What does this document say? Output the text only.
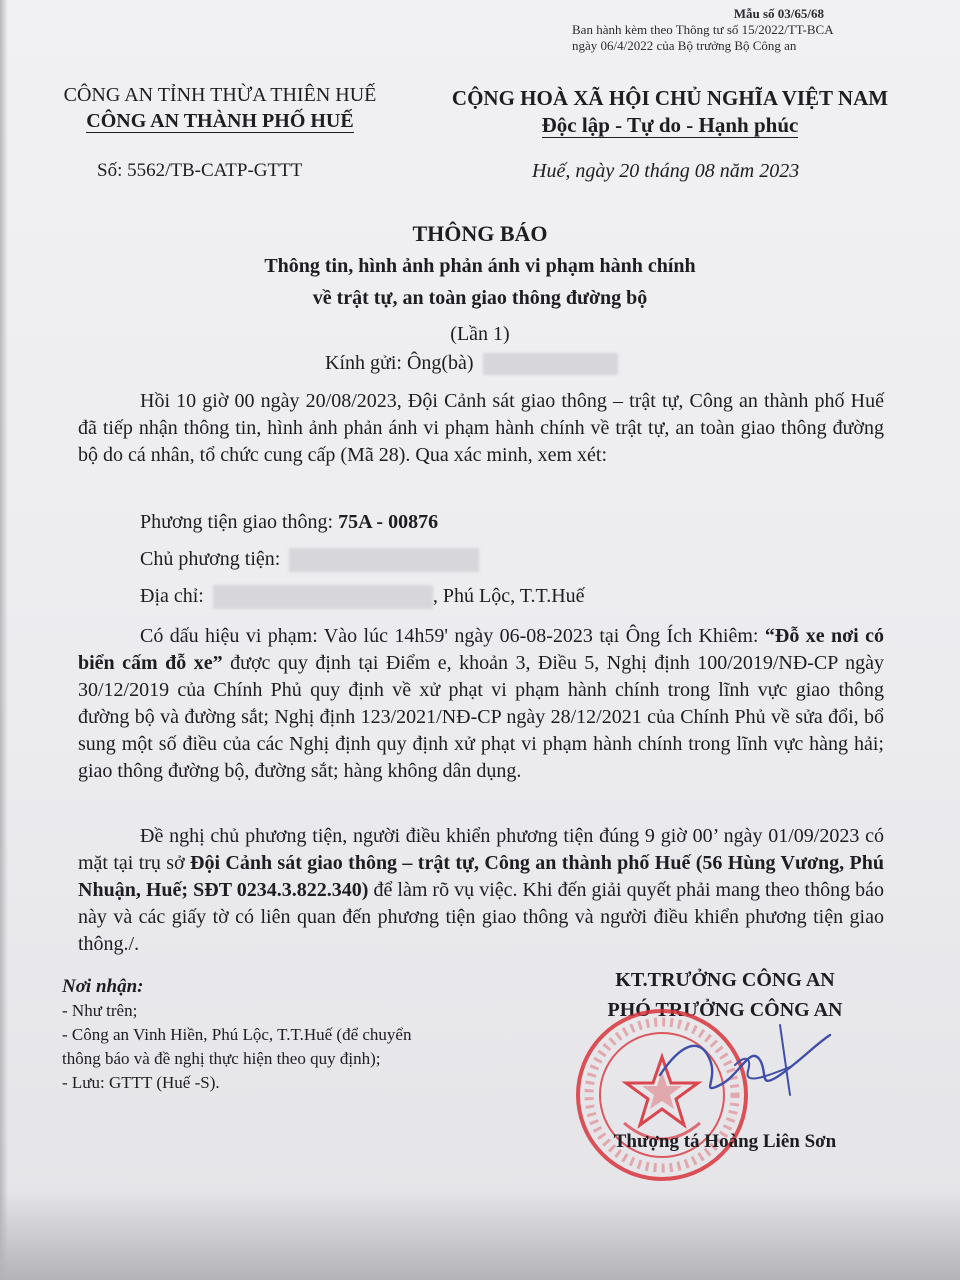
Mẫu số 03/65/68
Ban hành kèm theo Thông tư số 15/2022/TT-BCA
ngày 06/4/2022 của Bộ trưởng Bộ Công an
CÔNG AN TỈNH THỪA THIÊN HUẾ
CÔNG AN THÀNH PHỐ HUẾ
CỘNG HOÀ XÃ HỘI CHỦ NGHĨA VIỆT NAM
Độc lập - Tự do - Hạnh phúc
Số: 5562/TB-CATP-GTTT	Huế, ngày 20 tháng 08 năm 2023
THÔNG BÁO
Thông tin, hình ảnh phản ánh vi phạm hành chính
về trật tự, an toàn giao thông đường bộ
(Lần 1)
Kính gửi: Ông(bà)
Hồi 10 giờ 00 ngày 20/08/2023, Đội Cảnh sát giao thông – trật tự, Công an thành phố Huế đã tiếp nhận thông tin, hình ảnh phản ánh vi phạm hành chính về trật tự, an toàn giao thông đường bộ do cá nhân, tổ chức cung cấp (Mã 28). Qua xác minh, xem xét:
Phương tiện giao thông: 75A - 00876
Chủ phương tiện:
Địa chỉ:	, Phú Lộc, T.T.Huế
Có dấu hiệu vi phạm: Vào lúc 14h59' ngày 06-08-2023 tại Ông Ích Khiêm: “Đỗ xe nơi có biển cấm đỗ xe” được quy định tại Điểm e, khoản 3, Điều 5, Nghị định 100/2019/NĐ-CP ngày 30/12/2019 của Chính Phủ quy định về xử phạt vi phạm hành chính trong lĩnh vực giao thông đường bộ và đường sắt; Nghị định 123/2021/NĐ-CP ngày 28/12/2021 của Chính Phủ về sửa đổi, bổ sung một số điều của các Nghị định quy định xử phạt vi phạm hành chính trong lĩnh vực hàng hải; giao thông đường bộ, đường sắt; hàng không dân dụng.
Đề nghị chủ phương tiện, người điều khiển phương tiện đúng 9 giờ 00’ ngày 01/09/2023 có mặt tại trụ sở Đội Cảnh sát giao thông – trật tự, Công an thành phố Huế (56 Hùng Vương, Phú Nhuận, Huế; SĐT 0234.3.822.340) để làm rõ vụ việc. Khi đến giải quyết phải mang theo thông báo này và các giấy tờ có liên quan đến phương tiện giao thông và người điều khiển phương tiện giao thông./.
Nơi nhận:
- Như trên;
- Công an Vinh Hiền, Phú Lộc, T.T.Huế (để chuyển
thông báo và đề nghị thực hiện theo quy định);
- Lưu: GTTT (Huế -S).
KT.TRƯỞNG CÔNG AN
PHÓ TRƯỞNG CÔNG AN
Thượng tá Hoàng Liên Sơn
